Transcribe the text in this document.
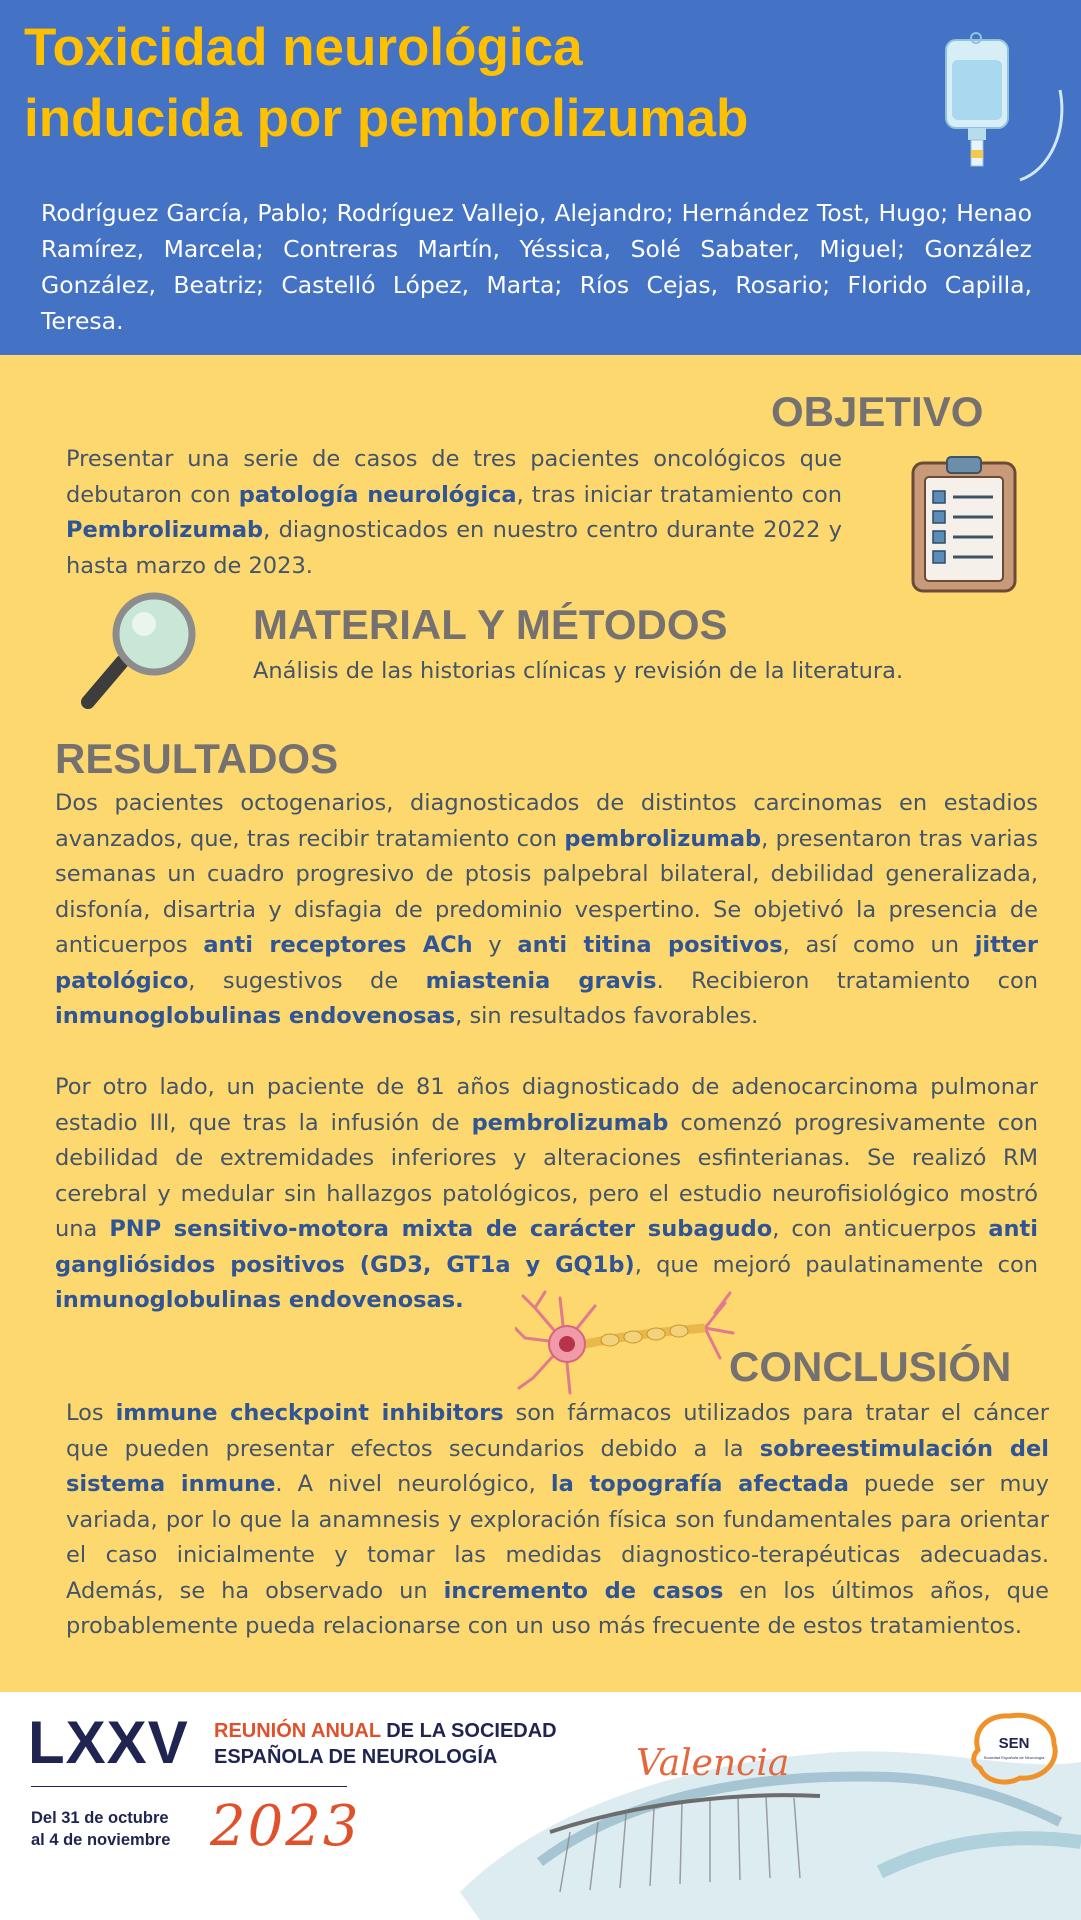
Toxicidad neurológica
inducida por pembrolizumab

Rodríguez García, Pablo; Rodríguez Vallejo, Alejandro; Hernández Tost, Hugo; Henao Ramírez, Marcela; Contreras Martín, Yéssica, Solé Sabater, Miguel; González González, Beatriz; Castelló López, Marta; Ríos Cejas, Rosario; Florido Capilla, Teresa.

OBJETIVO

Presentar una serie de casos de tres pacientes oncológicos que debutaron con patología neurológica, tras iniciar tratamiento con Pembrolizumab, diagnosticados en nuestro centro durante 2022 y hasta marzo de 2023.

MATERIAL Y MÉTODOS

Análisis de las historias clínicas y revisión de la literatura.

RESULTADOS

Dos pacientes octogenarios, diagnosticados de distintos carcinomas en estadios avanzados, que, tras recibir tratamiento con pembrolizumab, presentaron tras varias semanas un cuadro progresivo de ptosis palpebral bilateral, debilidad generalizada, disfonía, disartria y disfagia de predominio vespertino. Se objetivó la presencia de anticuerpos anti receptores ACh y anti titina positivos, así como un jitter patológico, sugestivos de miastenia gravis. Recibieron tratamiento con inmunoglobulinas endovenosas, sin resultados favorables.

Por otro lado, un paciente de 81 años diagnosticado de adenocarcinoma pulmonar estadio III, que tras la infusión de pembrolizumab comenzó progresivamente con debilidad de extremidades inferiores y alteraciones esfinterianas. Se realizó RM cerebral y medular sin hallazgos patológicos, pero el estudio neurofisiológico mostró una PNP sensitivo-motora mixta de carácter subagudo, con anticuerpos anti gangliósidos positivos (GD3, GT1a y GQ1b), que mejoró paulatinamente con inmunoglobulinas endovenosas.

CONCLUSIÓN

Los immune checkpoint inhibitors son fármacos utilizados para tratar el cáncer que pueden presentar efectos secundarios debido a la sobreestimulación del sistema inmune. A nivel neurológico, la topografía afectada puede ser muy variada, por lo que la anamnesis y exploración física son fundamentales para orientar el caso inicialmente y tomar las medidas diagnostico-terapéuticas adecuadas. Además, se ha observado un incremento de casos en los últimos años, que probablemente pueda relacionarse con un uso más frecuente de estos tratamientos.

LXXV REUNIÓN ANUAL DE LA SOCIEDAD
ESPAÑOLA DE NEUROLOGÍA

Del 31 de octubre
al 4 de noviembre 2023

Valencia	SEN
Sociedad Española de Neurología
